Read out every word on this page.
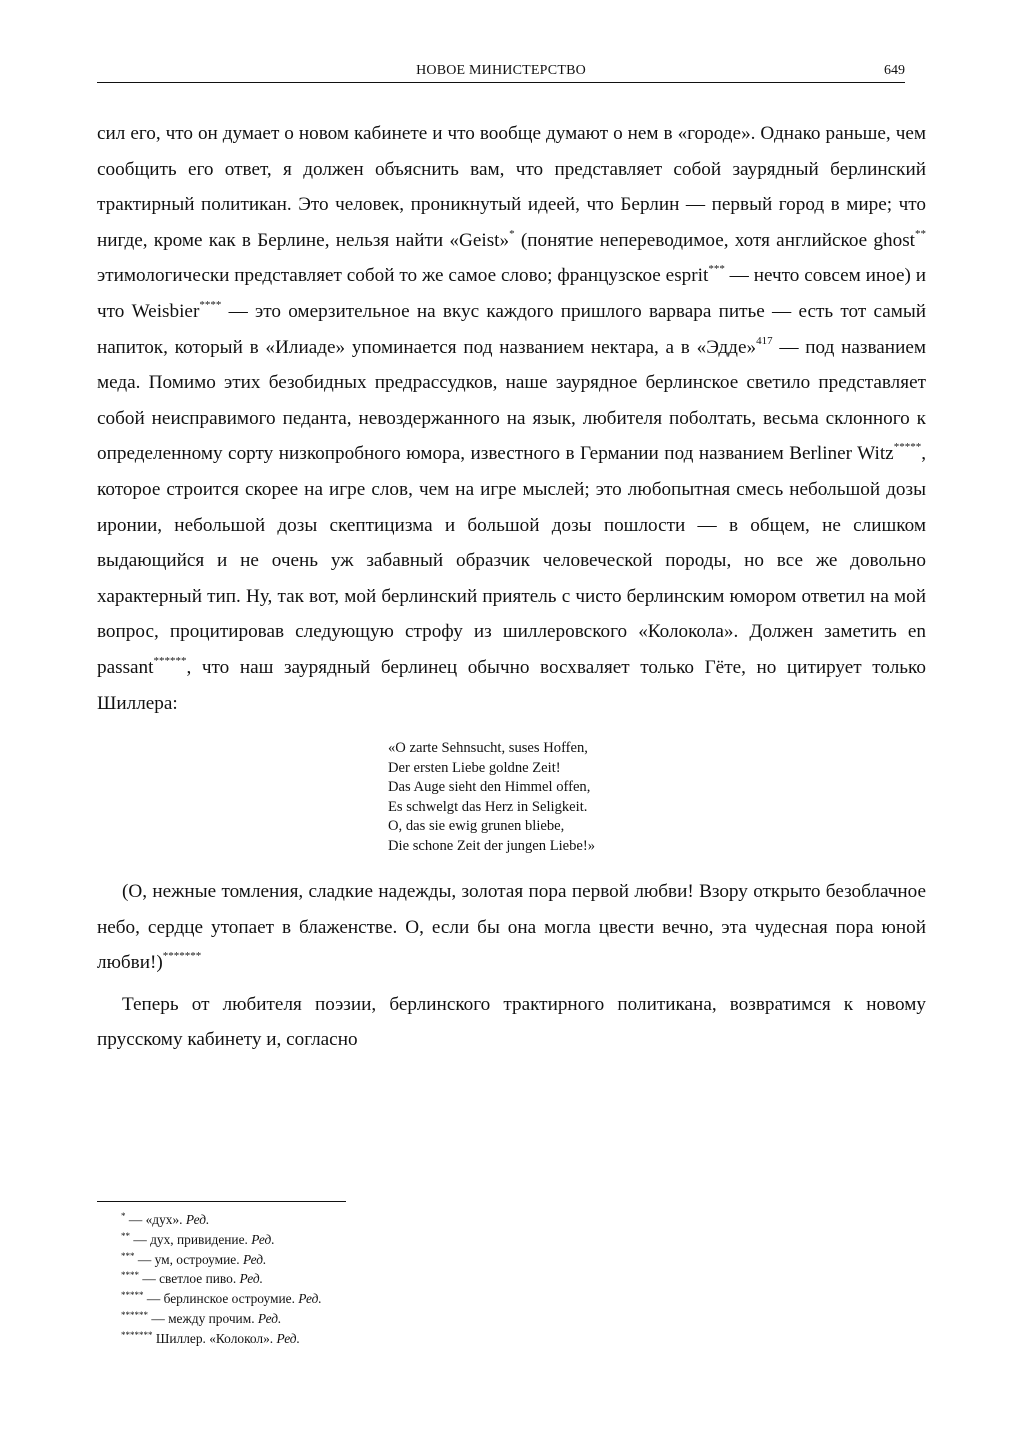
НОВОЕ МИНИСТЕРСТВО	649

сил его, что он думает о новом кабинете и что вообще думают о нем в «городе». Однако раньше, чем сообщить его ответ, я должен объяснить вам, что представляет собой заурядный берлинский трактирный политикан. Это человек, проникнутый идеей, что Берлин — первый город в мире; что нигде, кроме как в Берлине, нельзя найти «Geist»* (понятие непереводимое, хотя английское ghost** этимологически представляет собой то же самое слово; французское esprit*** — нечто совсем иное) и что Weisbier**** — это омерзительное на вкус каждого пришлого варвара питье — есть тот самый напиток, который в «Илиаде» упоминается под названием нектара, а в «Эдде»$^{417}$ — под названием меда. Помимо этих безобидных предрассудков, наше заурядное берлинское светило представляет собой неисправимого педанта, невоздержанного на язык, любителя поболтать, весьма склонного к определенному сорту низкопробного юмора, известного в Германии под названием Berliner Witz*****, которое строится скорее на игре слов, чем на игре мыслей; это любопытная смесь небольшой дозы иронии, небольшой дозы скептицизма и большой дозы пошлости — в общем, не слишком выдающийся и не очень уж забавный образчик человеческой породы, но все же довольно характерный тип. Ну, так вот, мой берлинский приятель с чисто берлинским юмором ответил на мой вопрос, процитировав следующую строфу из шиллеровского «Колокола». Должен заметить en passant******, что наш заурядный берлинец обычно восхваляет только Гёте, но цитирует только Шиллера:

«O zarte Sehnsucht, suses Hoffen,
Der ersten Liebe goldne Zeit!
Das Auge sieht den Himmel offen,
Es schwelgt das Herz in Seligkeit.
O, das sie ewig grunen bliebe,
Die schone Zeit der jungen Liebe!»

(О, нежные томления, сладкие надежды, золотая пора первой любви! Взору открыто безоблачное небо, сердце утопает в блаженстве. О, если бы она могла цвести вечно, эта чудесная пора юной любви!)*******

Теперь от любителя поэзии, берлинского трактирного политикана, возвратимся к новому прусскому кабинету и, согласно

* — «дух». Ред.
** — дух, привидение. Ред.
*** — ум, остроумие. Ред.
**** — светлое пиво. Ред.
***** — берлинское остроумие. Ред.
****** — между прочим. Ред.
******* Шиллер. «Колокол». Ред.
